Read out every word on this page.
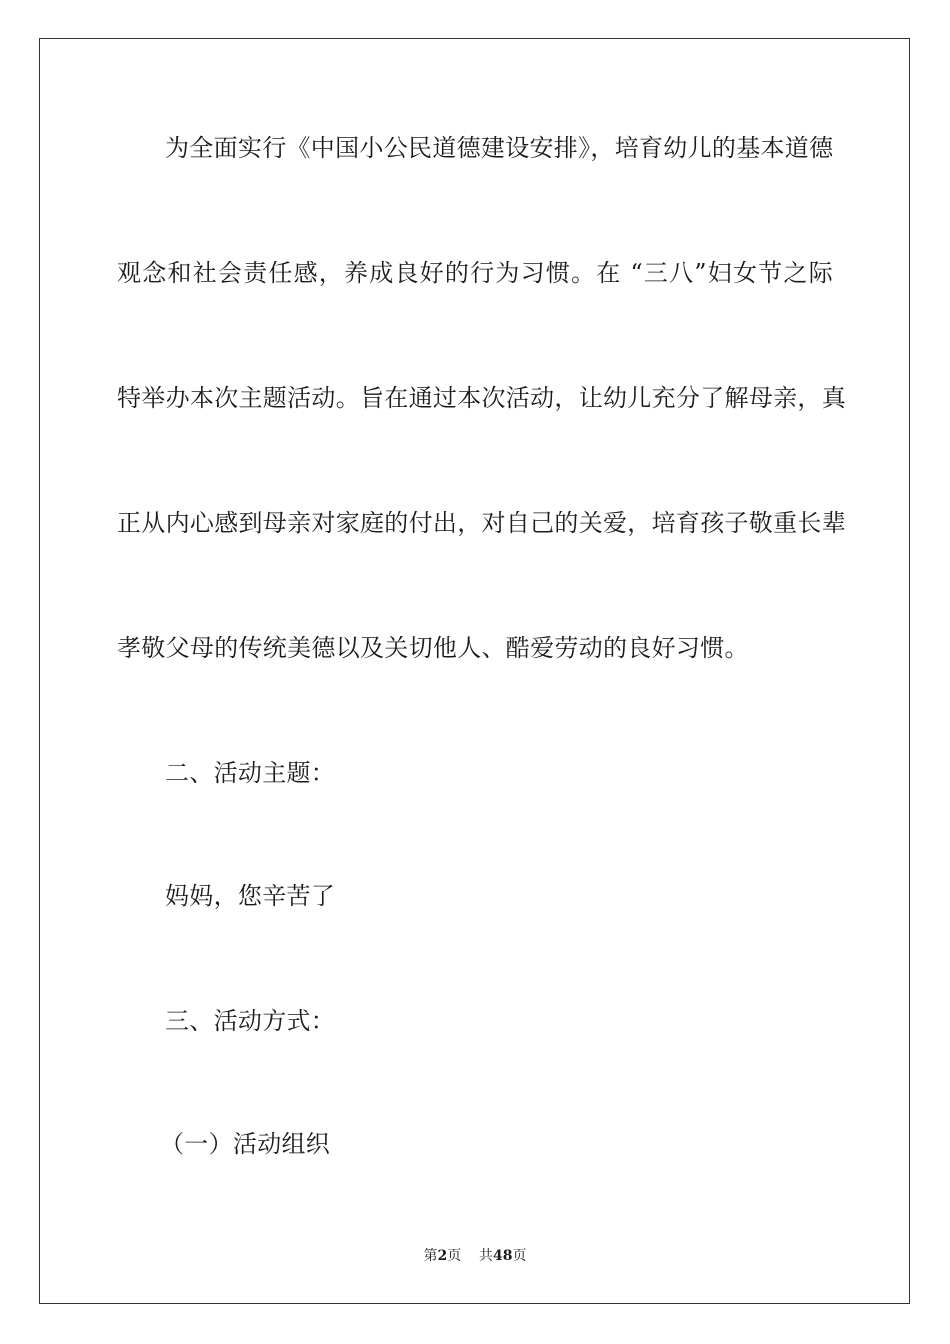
为全面实行《中国小公民道德建设安排》，培育幼儿的基本道德
观念和社会责任感，养成良好的行为习惯。在 “三八”妇女节之际
特举办本次主题活动。旨在通过本次活动，让幼儿充分了解母亲，真
正从内心感到母亲对家庭的付出，对自己的关爱，培育孩子敬重长辈
孝敬父母的传统美德以及关切他人、酷爱劳动的良好习惯。
二、活动主题：
妈妈，您辛苦了
三、活动方式：
（一）活动组织
第2页 共48页
